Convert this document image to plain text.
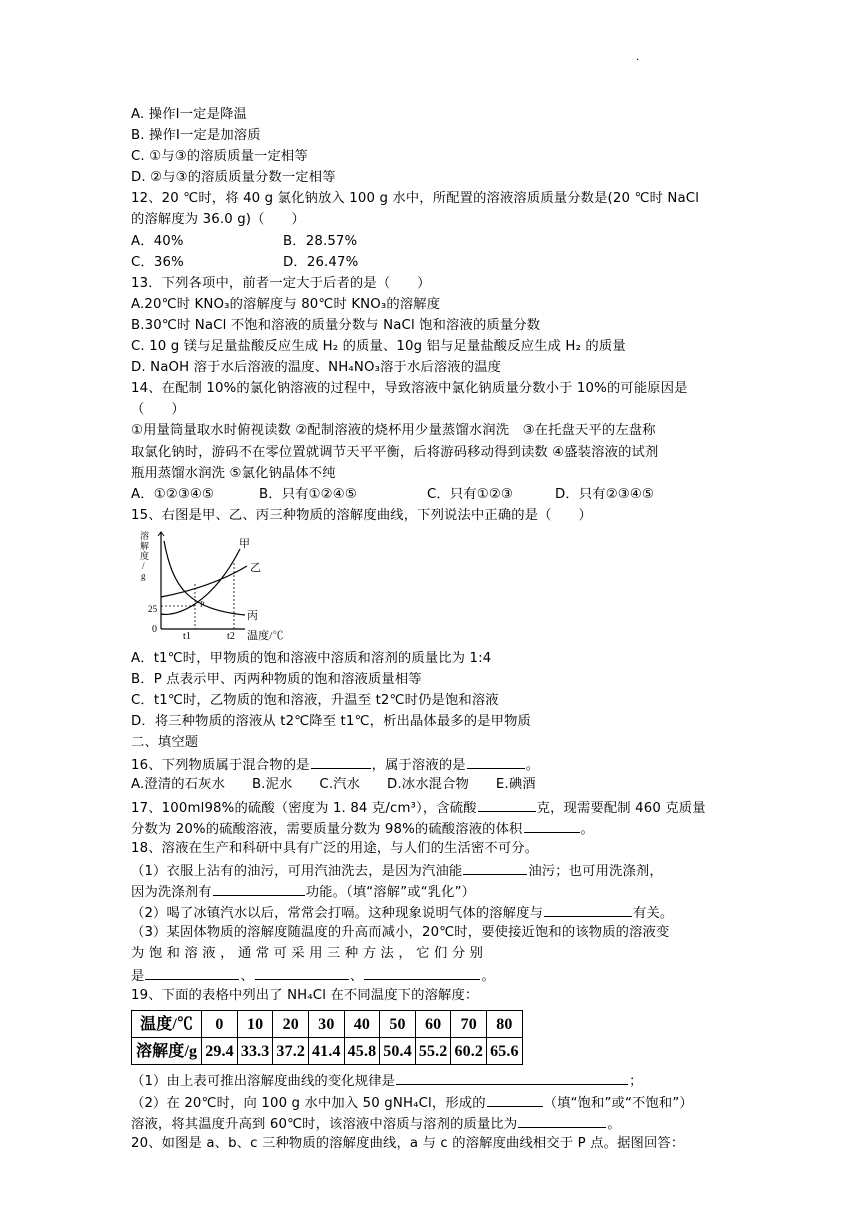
·
A. 操作Ⅰ一定是降温
B. 操作Ⅰ一定是加溶质
C. ①与③的溶质质量一定相等
D. ②与③的溶质质量分数一定相等
12、20 ℃时，将 40 g 氯化钠放入 100 g 水中，所配置的溶液溶质质量分数是(20 ℃时 NaCl
的溶解度为 36.0 g)（　　）
A．40%	B．28.57%
C．36%	D．26.47%
13．下列各项中，前者一定大于后者的是（　　）
A.20℃时 KNO₃的溶解度与 80℃时 KNO₃的溶解度
B.30℃时 NaCl 不饱和溶液的质量分数与 NaCl 饱和溶液的质量分数
C. 10 g 镁与足量盐酸反应生成 H₂ 的质量、10g 铝与足量盐酸反应生成 H₂ 的质量
D. NaOH 溶于水后溶液的温度、NH₄NO₃溶于水后溶液的温度
14、在配制 10%的氯化钠溶液的过程中，导致溶液中氯化钠质量分数小于 10%的可能原因是
（　　）
①用量筒量取水时俯视读数 ②配制溶液的烧杯用少量蒸馏水润洗　③在托盘天平的左盘称
取氯化钠时，游码不在零位置就调节天平平衡，后将游码移动得到读数 ④盛装溶液的试剂
瓶用蒸馏水润洗 ⑤氯化钠晶体不纯
A．①②③④⑤	B．只有①②④⑤	C．只有①②③	D．只有②③④⑤
15、右图是甲、乙、丙三种物质的溶解度曲线，下列说法中正确的是（　　）
溶
解
度
/
g
25
0
t1	t2 温度/℃
甲
乙
丙
P
A．t1℃时，甲物质的饱和溶液中溶质和溶剂的质量比为 1:4
B．P 点表示甲、丙两种物质的饱和溶液质量相等
C．t1℃时，乙物质的饱和溶液，升温至 t2℃时仍是饱和溶液
D．将三种物质的溶液从 t2℃降至 t1℃，析出晶体最多的是甲物质
二、填空题
16、下列物质属于混合物的是	，属于溶液的是	。
A.澄清的石灰水　　B.泥水　　C.汽水　　D.冰水混合物　　E.碘酒
17、100ml98%的硫酸（密度为 1. 84 克/cm³），含硫酸	克，现需要配制 460 克质量
分数为 20%的硫酸溶液，需要质量分数为 98%的硫酸溶液的体积	。
18、溶液在生产和科研中具有广泛的用途，与人们的生活密不可分。
（1）衣服上沾有的油污，可用汽油洗去，是因为汽油能	油污；也可用洗涤剂，
因为洗涤剂有	功能。（填“溶解”或“乳化”）
（2）喝了冰镇汽水以后，常常会打嗝。这种现象说明气体的溶解度与	有关。
（3）某固体物质的溶解度随温度的升高而减小，20℃时，要使接近饱和的该物质的溶液变
为 饱 和 溶 液 ， 通 常 可 采 用 三 种 方 法 ， 它 们 分 别
是	、	、	。
19、下面的表格中列出了 NH₄Cl 在不同温度下的溶解度：
温度/℃	0	10	20	30	40	50	60	70	80
溶解度/g	29.4	33.3	37.2	41.4	45.8	50.4	55.2	60.2	65.6
（1）由上表可推出溶解度曲线的变化规律是	；
（2）在 20℃时，向 100 g 水中加入 50 gNH₄Cl，形成的	（填“饱和”或“不饱和”）
溶液，将其温度升高到 60℃时，该溶液中溶质与溶剂的质量比为	。
20、如图是 a、b、c 三种物质的溶解度曲线，a 与 c 的溶解度曲线相交于 P 点。据图回答：
